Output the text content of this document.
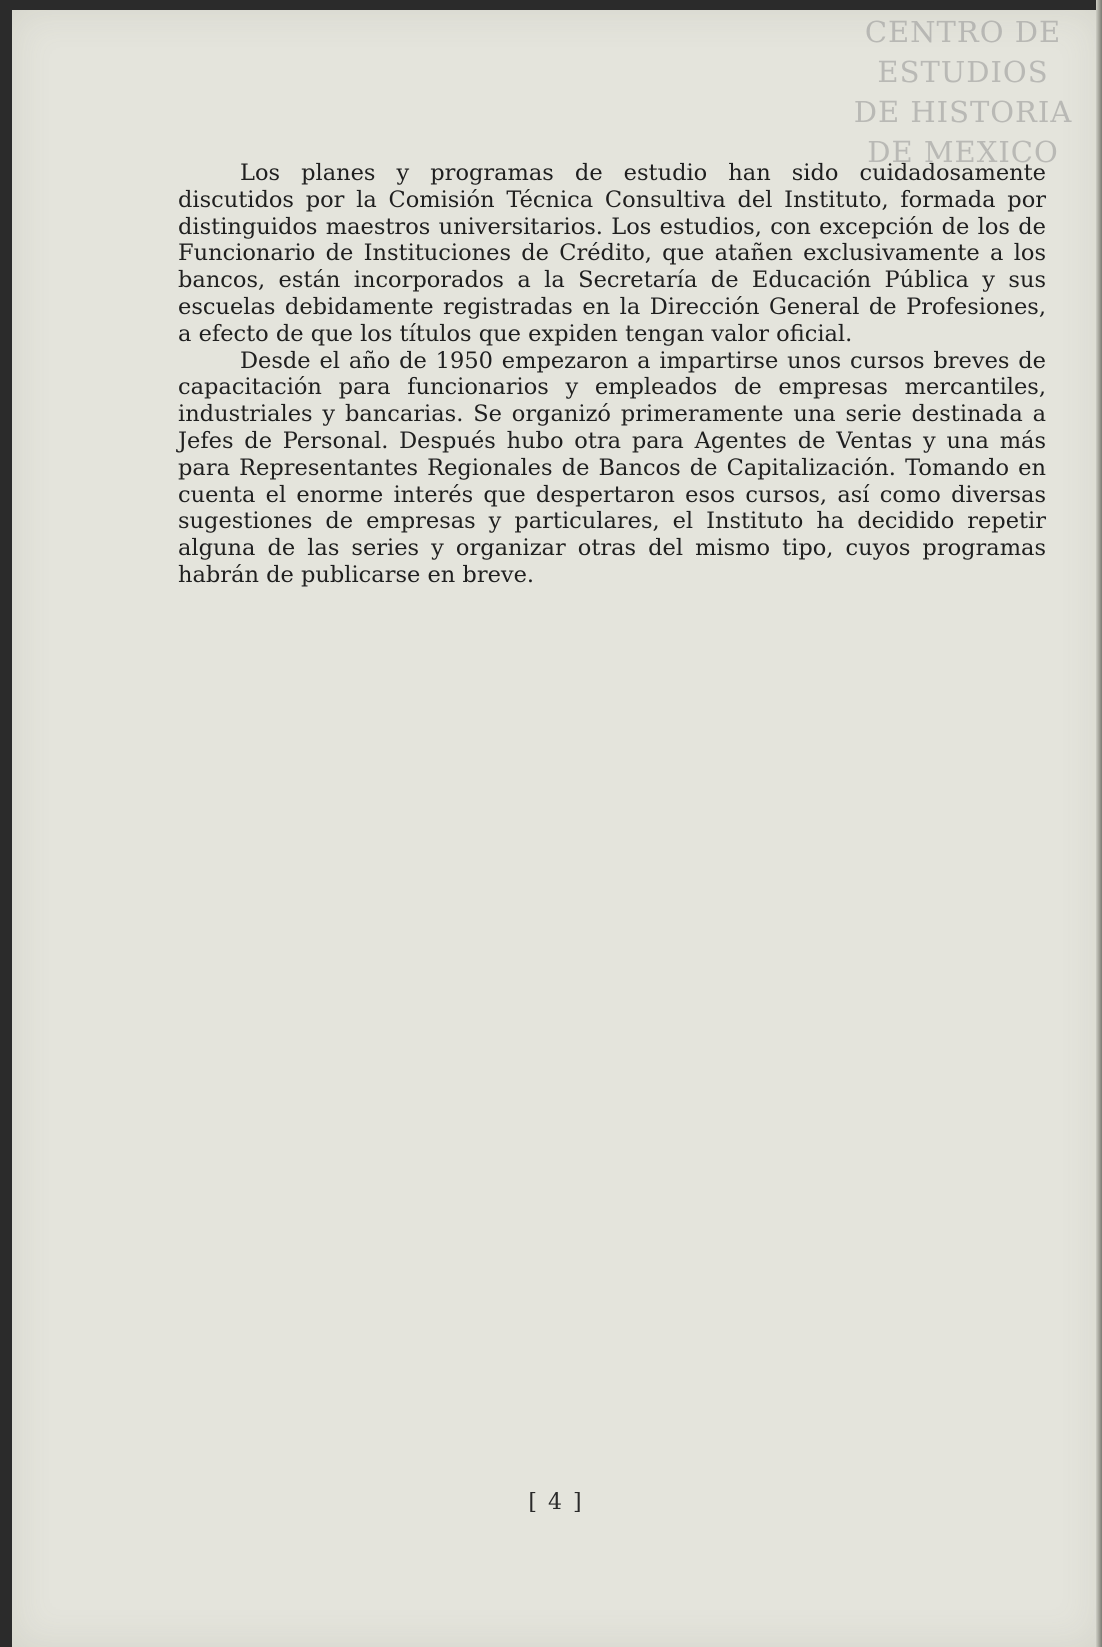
CENTRO DE
ESTUDIOS
DE HISTORIA
DE MEXICO

Los planes y programas de estudio han sido cuidadosamente discutidos por la Comisión Técnica Consultiva del Instituto, formada por distinguidos maestros universitarios. Los estudios, con excepción de los de Funcionario de Instituciones de Crédito, que atañen exclusivamente a los bancos, están incorporados a la Secretaría de Educación Pública y sus escuelas debidamente registradas en la Dirección General de Profesiones, a efecto de que los títulos que expiden tengan valor oficial.

Desde el año de 1950 empezaron a impartirse unos cursos breves de capacitación para funcionarios y empleados de empresas mercantiles, industriales y bancarias. Se organizó primeramente una serie destinada a Jefes de Personal. Después hubo otra para Agentes de Ventas y una más para Representantes Regionales de Bancos de Capitalización. Tomando en cuenta el enorme interés que despertaron esos cursos, así como diversas sugestiones de empresas y particulares, el Instituto ha decidido repetir alguna de las series y organizar otras del mismo tipo, cuyos programas habrán de publicarse en breve.

[ 4 ]
